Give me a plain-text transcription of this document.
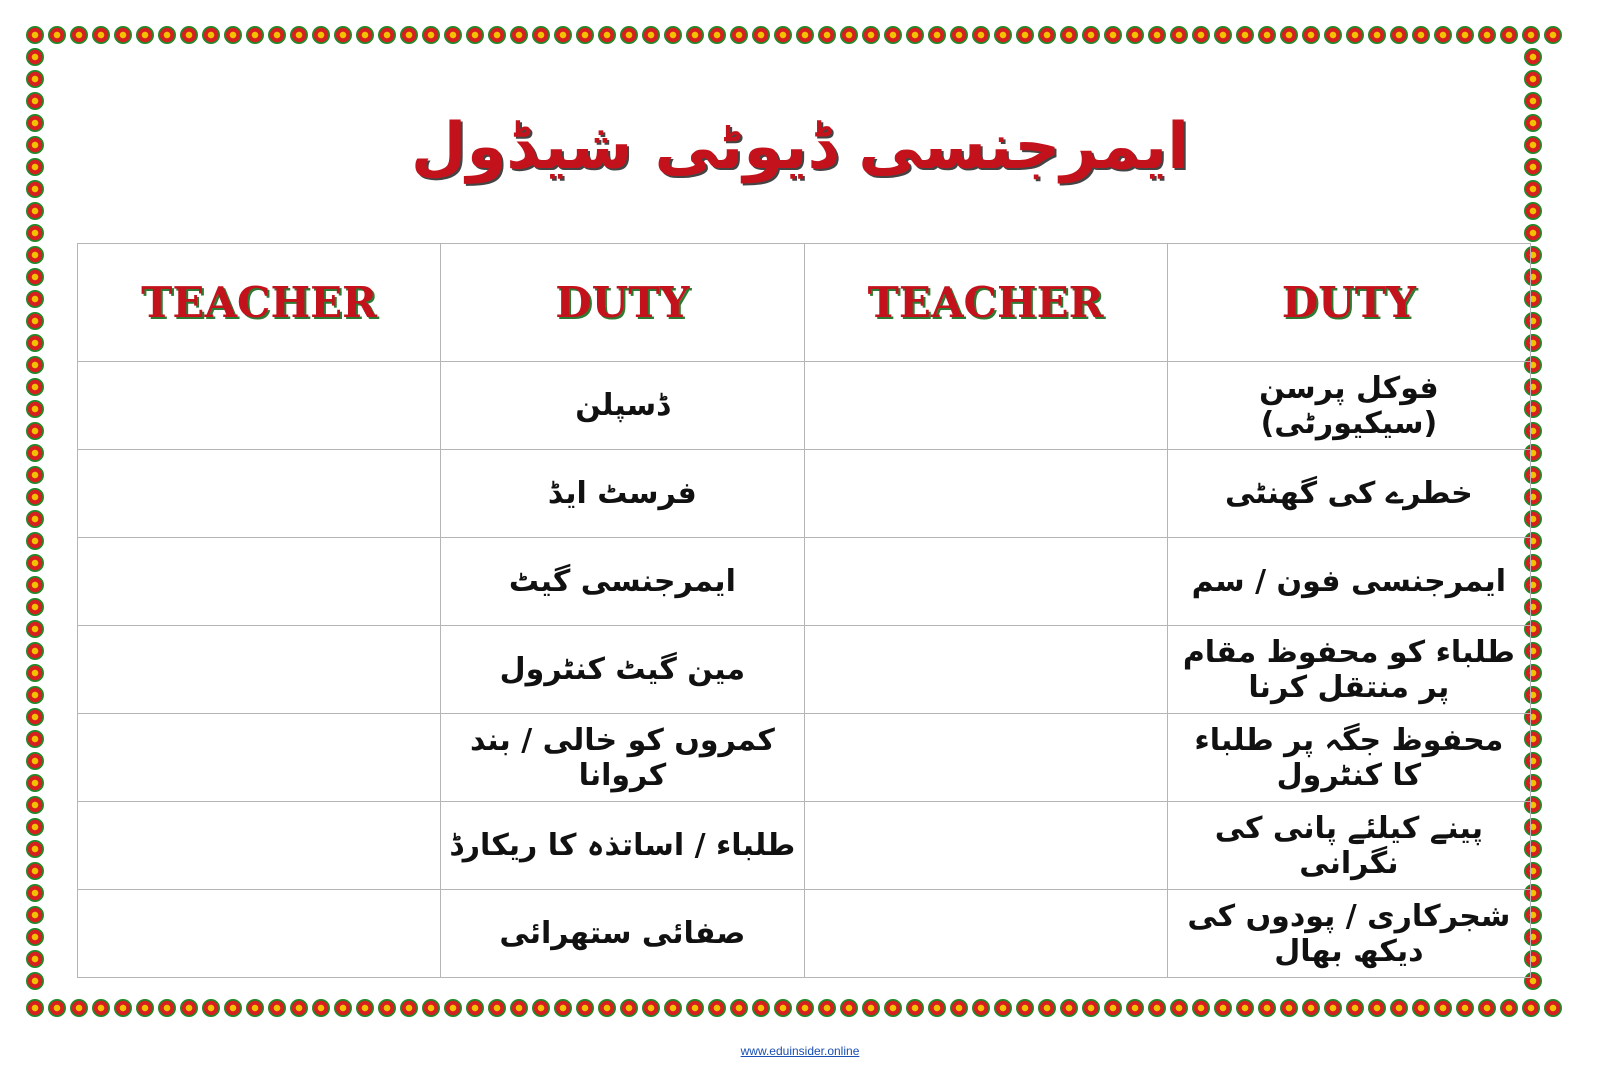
ایمرجنسی ڈیوٹی شیڈول
TEACHER	DUTY	TEACHER	DUTY
	ڈسپلن		فوکل پرسن (سیکیورٹی)
	فرسٹ ایڈ		خطرے کی گھنٹی
	ایمرجنسی گیٹ		ایمرجنسی فون / سم
	مین گیٹ کنٹرول		طلباء کو محفوظ مقام پر منتقل کرنا
	کمروں کو خالی / بند کروانا		محفوظ جگہ پر طلباء کا کنٹرول
	طلباء / اساتذہ کا ریکارڈ		پینے کیلئے پانی کی نگرانی
	صفائی ستھرائی		شجرکاری / پودوں کی دیکھ بھال
www.eduinsider.online
